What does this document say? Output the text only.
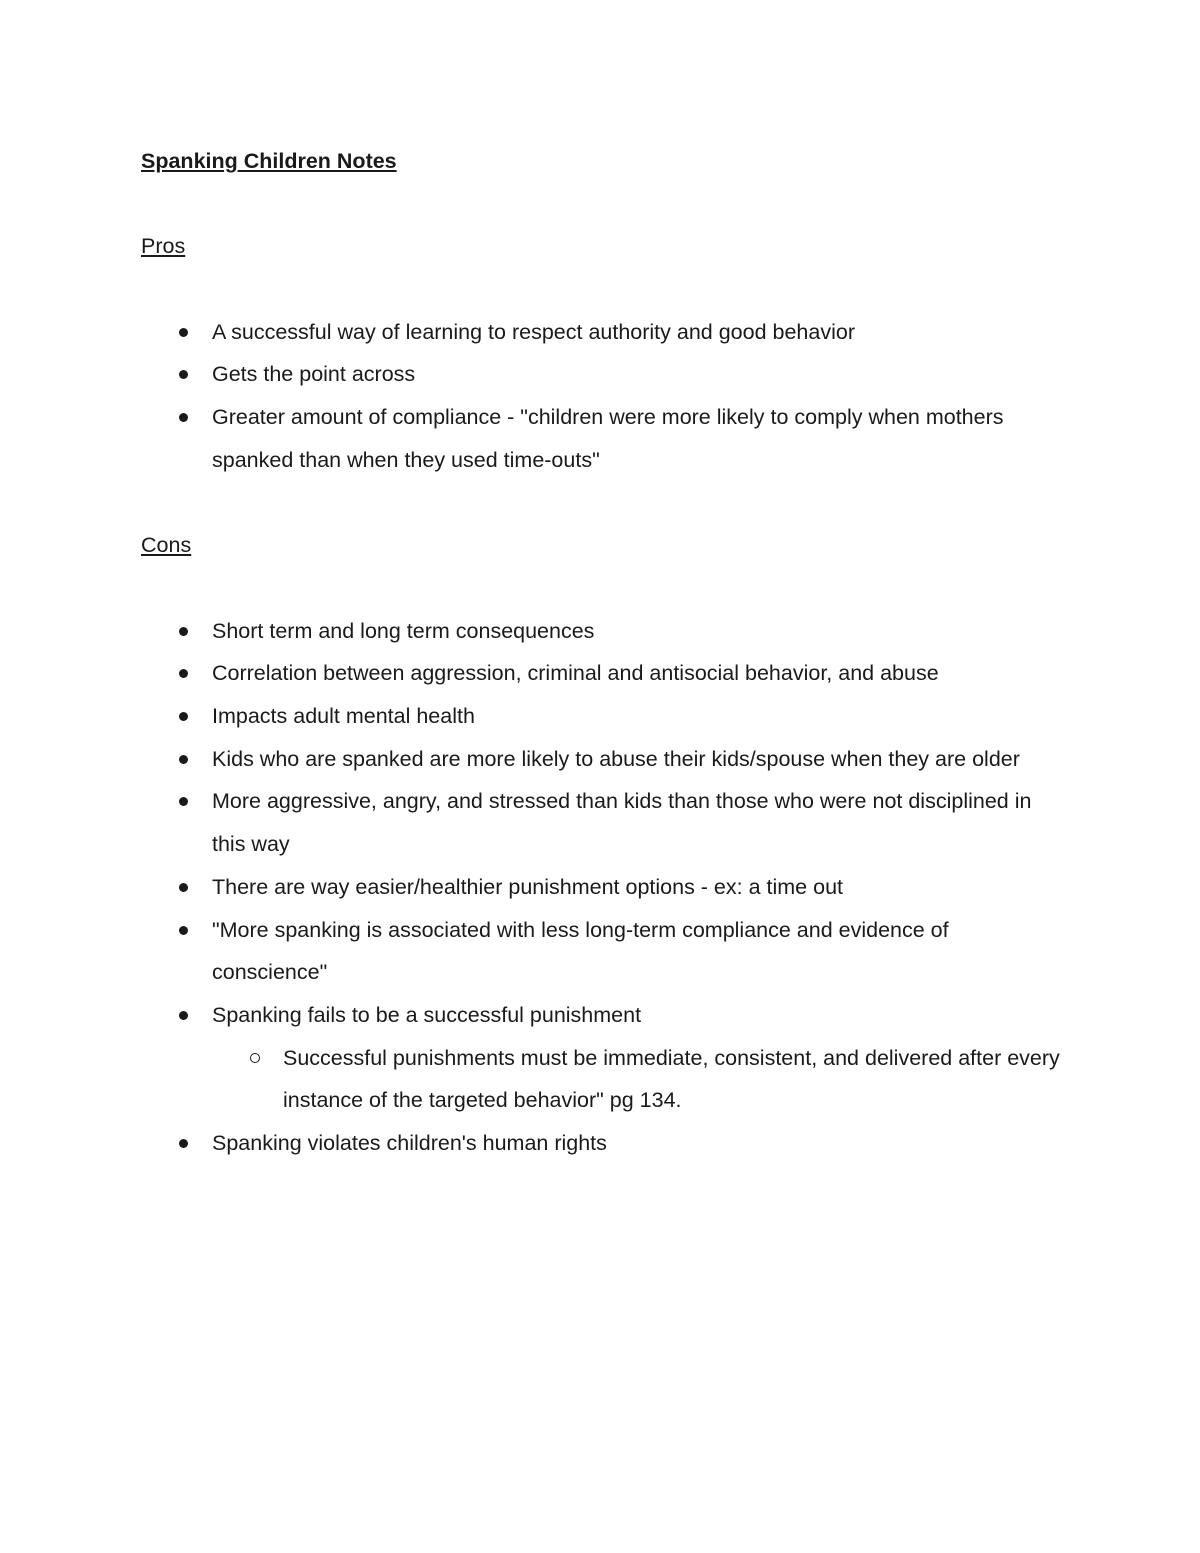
Spanking Children Notes
Pros
A successful way of learning to respect authority and good behavior
Gets the point across
Greater amount of compliance - "children were more likely to comply when mothers spanked than when they used time-outs"
Cons
Short term and long term consequences
Correlation between aggression, criminal and antisocial behavior, and abuse
Impacts adult mental health
Kids who are spanked are more likely to abuse their kids/spouse when they are older
More aggressive, angry, and stressed than kids than those who were not disciplined in this way
There are way easier/healthier punishment options - ex: a time out
"More spanking is associated with less long-term compliance and evidence of conscience"
Spanking fails to be a successful punishment
Successful punishments must be immediate, consistent, and delivered after every instance of the targeted behavior" pg 134.
Spanking violates children's human rights
